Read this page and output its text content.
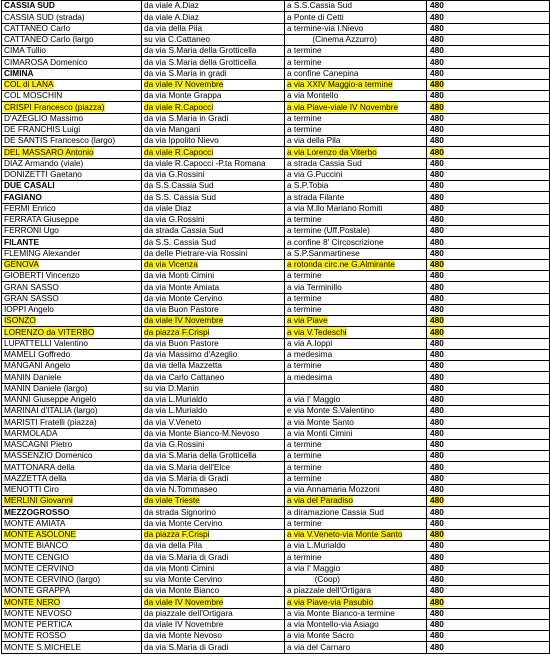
CASSIA SUD	da viale A.Diaz	a S.S.Cassia Sud	480
CASSIA SUD (strada)	da viale A.Diaz	a Ponte di Cetti	480
CATTANEO Carlo	da via della Pila	a termine-via I.Nievo	480
CATTANEO Carlo (largo	su via C.Cattaneo	(Cinema Azzurro)	480
CIMA Tullio	da via S.Maria della Grotticella	a termine	480
CIMAROSA Domenico	da via S.Maria della Grotticella	a termine	480
CIMINA	da via S.Maria in gradi	a confine Canepina	480
COL di LANA	da viale IV Novembre	a via XXIV Maggio-a termine	480
COL MOSCHIN	da via Monte Grappa	a via Montello	480
CRISPI Francesco (piazza)	da viale R.Capocci	a via Piave-viale IV Novembre	480
D'AZEGLIO Massimo	da via S.Maria in Gradi	a termine	480
DE FRANCHIS Luigi	da via Mangani	a termine	480
DE SANTIS Francesco (largo)	da via Ippolito Nievo	a via della Pila	480
DEL MASSARO Antonio	da viale R.Capocci	a via Lorenzo da Viterbo	480
DIAZ Armando (viale)	da viale R.Capocci -P.ta Romana	a strada Cassia Sud	480
DONIZETTI Gaetano	da via G.Rossini	a via G.Puccini	480
DUE CASALI	da S.S.Cassia Sud	a S.P.Tobia	480
FAGIANO	da S.S. Cassia Sud	a strada Filante	480
FERMI Enrico	da viale Diaz	a via M.llo Mariano Romiti	480
FERRATA Giuseppe	da via G.Rossini	a termine	480
FERRONI Ugo	da strada Cassia Sud	a termine (Uff.Postale)	480
FILANTE	da S.S. Cassia Sud	a confine 8' Circoscrizione	480
FLEMING Alexander	da delle Pietrare-via Rossini	a S.P.Sanmartinese	480
GENOVA	da via Vicenza	a rotonda circ.ne G.Almirante	480
GIOBERTI Vincenzo	da via Monti Cimini	a termine	480
GRAN SASSO	da via Monte Amiata	a via Terminillo	480
GRAN SASSO	da via Monte Cervino	a termine	480
IOPPI Angelo	da via Buon Pastore	a termine	480
ISONZO	da viale IV Novembre	a via Piave	480
LORENZO da VITERBO	da piazza F.Crispi	a via V.Tedeschi	480
LUPATTELLI Valentino	da via Buon Pastore	a via A.Ioppi	480
MAMELI Goffredo	da via Massimo d'Azeglio	a medesima	480
MANGANI Angelo	da via della Mazzetta	a termine	480
MANIN Daniele	da via Carlo Cattaneo	a medesima	480
MANIN Daniele (largo)	su via D.Manin		480
MANNI Giuseppe Angelo	da via L.Murialdo	a via I' Maggio	480
MARINAI d'ITALIA (largo)	da via L.Murialdo	e via Monte S.Valentino	480
MARISTI Fratelli (piazza)	da via V.Veneto	a via Monte Santo	480
MARMOLADA	da via Monte Bianco-M.Nevoso	a via Monti Cimini	480
MASCAGNI Pietro	da via G.Rossini	a termine	480
MASSENZIO Domenico	da via S.Maria della Grotticella	a termine	480
MATTONARA della	da via S.Maria dell'Elce	a termine	480
MAZZETTA della	da via S.Maria di Gradi	a termine	480
MENOTTI Ciro	da via N.Tommaseo	a via Annamaria Mozzoni	480
MERLINI Giovanni	da viale Trieste	a via del Paradiso	480
MEZZOGROSSO	da strada Signorino	a diramazione Cassia Sud	480
MONTE AMIATA	da via Monte Cervino	a termine	480
MONTE ASOLONE	da piazza F.Crispi	a via V.Veneto-via Monte Santo	480
MONTE BIANCO	da via della Pila	a via L.Murialdo	480
MONTE CENGIO	da via S.Maria di Gradi	a termine	480
MONTE CERVINO	da via Monti Cimini	a via I' Maggio	480
MONTE CERVINO (largo)	su via Monte Cervino	(Coop)	480
MONTE GRAPPA	da via Monte Bianco	a piazzale dell'Ortigara	480
MONTE NERO	da viale IV Novembre	a via Piave-via Pasubio	480
MONTE NEVOSO	da piazzale dell'Ortigara	a via Monte Bianco-a termine	480
MONTE PERTICA	da viale IV Novembre	a via Montello-via Asiago	480
MONTE ROSSO	da via Monte Nevoso	a via Monte Sacro	480
MONTE S.MICHELE	da via S.Maria di Gradi	a via del Carnaro	480
